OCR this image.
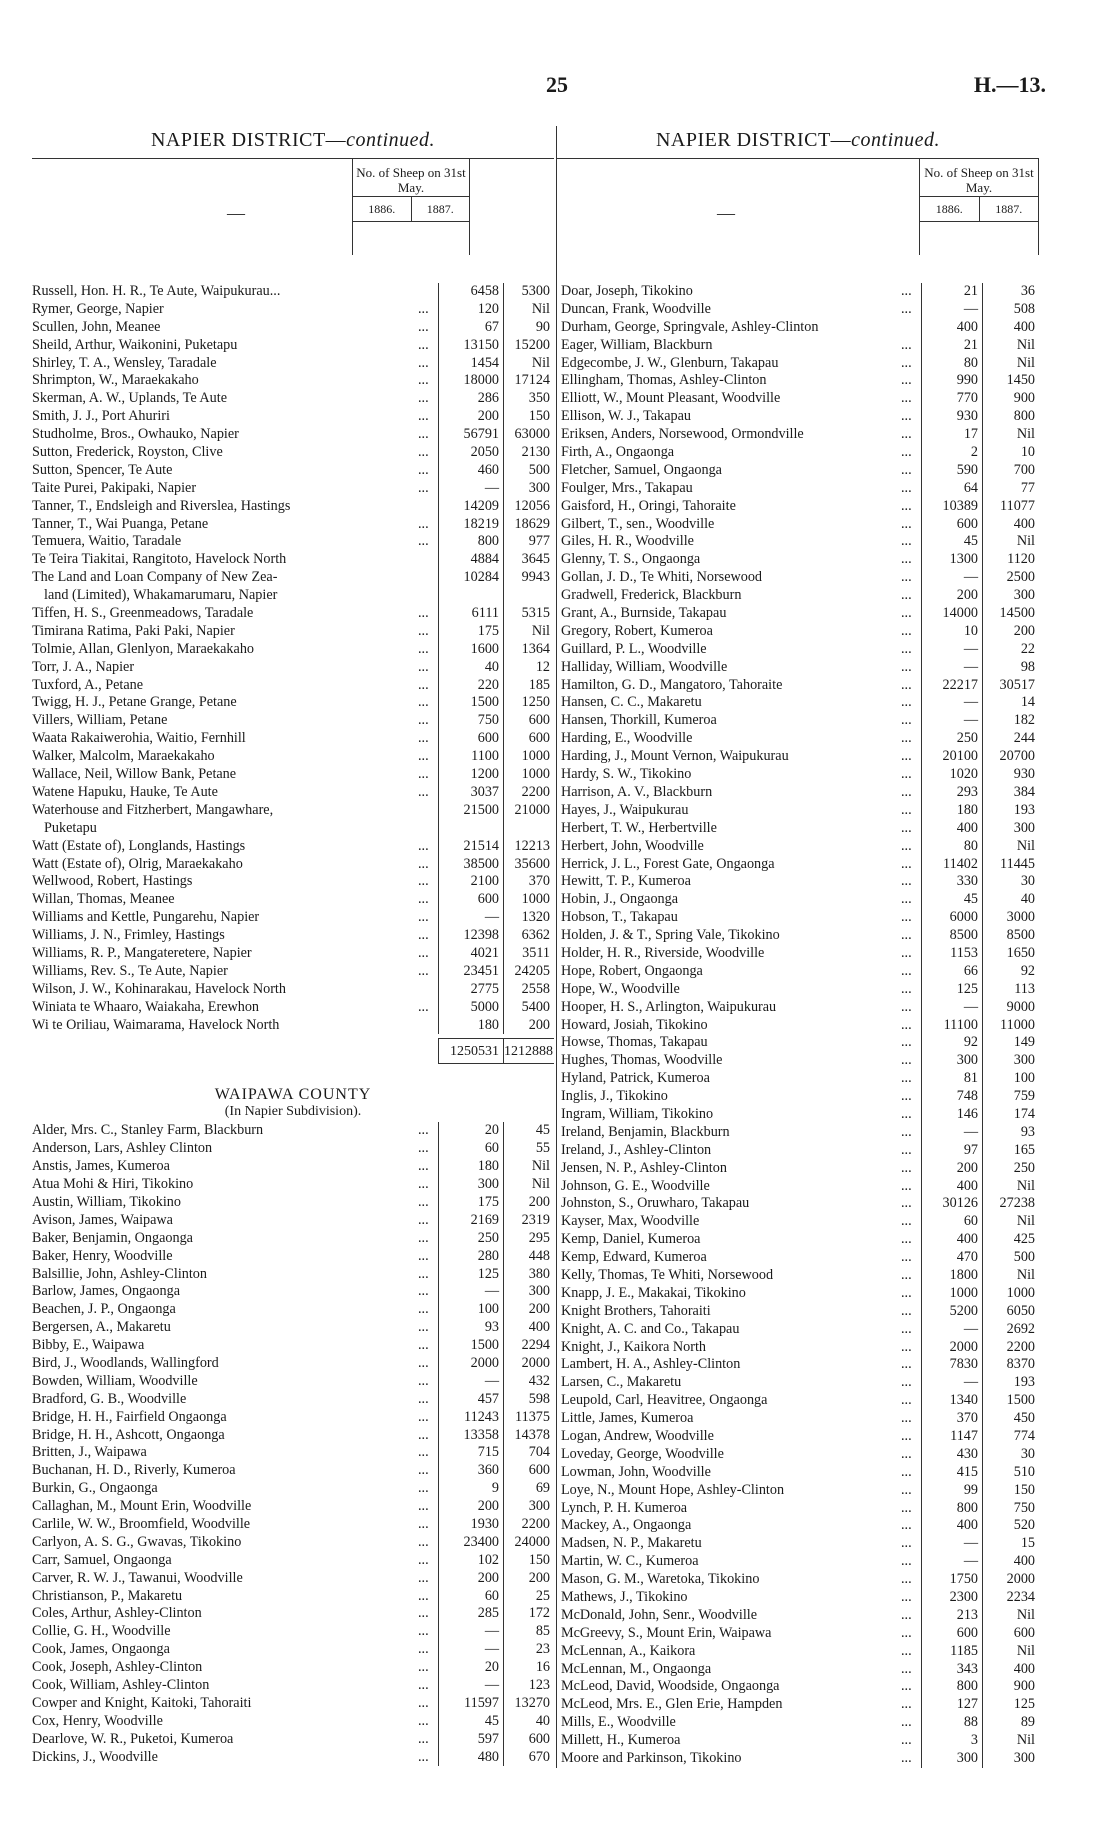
25	H.—13.
NAPIER DISTRICT—continued.
—
No. of Sheep on 31st May.
1886.	1887.
Russell, Hon. H. R., Te Aute, Waipukurau...	6458	5300
Rymer, George, Napier	...	120	Nil
Scullen, John, Meanee	...	67	90
Sheild, Arthur, Waikonini, Puketapu	...	13150	15200
Shirley, T. A., Wensley, Taradale	...	1454	Nil
Shrimpton, W., Maraekakaho	...	18000	17124
Skerman, A. W., Uplands, Te Aute	...	286	350
Smith, J. J., Port Ahuriri	...	200	150
Studholme, Bros., Owhauko, Napier	...	56791	63000
Sutton, Frederick, Royston, Clive	...	2050	2130
Sutton, Spencer, Te Aute	...	460	500
Taite Purei, Pakipaki, Napier	...	—	300
Tanner, T., Endsleigh and Riverslea, Hastings	14209	12056
Tanner, T., Wai Puanga, Petane	...	18219	18629
Temuera, Waitio, Taradale	...	800	977
Te Teira Tiakitai, Rangitoto, Havelock North	4884	3645
The Land and Loan Company of New Zea-	10284	9943
land (Limited), Whakamarumaru, Napier
Tiffen, H. S., Greenmeadows, Taradale	...	6111	5315
Timirana Ratima, Paki Paki, Napier	...	175	Nil
Tolmie, Allan, Glenlyon, Maraekakaho	...	1600	1364
Torr, J. A., Napier	...	40	12
Tuxford, A., Petane	...	220	185
Twigg, H. J., Petane Grange, Petane	...	1500	1250
Villers, William, Petane	...	750	600
Waata Rakaiwerohia, Waitio, Fernhill	...	600	600
Walker, Malcolm, Maraekakaho	...	1100	1000
Wallace, Neil, Willow Bank, Petane	...	1200	1000
Watene Hapuku, Hauke, Te Aute	...	3037	2200
Waterhouse and Fitzherbert, Mangawhare,	21500	21000
Puketapu
Watt (Estate of), Longlands, Hastings	...	21514	12213
Watt (Estate of), Olrig, Maraekakaho	...	38500	35600
Wellwood, Robert, Hastings	...	2100	370
Willan, Thomas, Meanee	...	600	1000
Williams and Kettle, Pungarehu, Napier	...	—	1320
Williams, J. N., Frimley, Hastings	...	12398	6362
Williams, R. P., Mangateretere, Napier	...	4021	3511
Williams, Rev. S., Te Aute, Napier	...	23451	24205
Wilson, J. W., Kohinarakau, Havelock North	2775	2558
Winiata te Whaaro, Waiakaha, Erewhon	...	5000	5400
Wi te Oriliau, Waimarama, Havelock North	180	200
1250531 1212888
WAIPAWA COUNTY
(In Napier Subdivision).
Alder, Mrs. C., Stanley Farm, Blackburn	...	20	45
Anderson, Lars, Ashley Clinton	...	60	55
Anstis, James, Kumeroa	...	180	Nil
Atua Mohi & Hiri, Tikokino	...	300	Nil
Austin, William, Tikokino	...	175	200
Avison, James, Waipawa	...	2169	2319
Baker, Benjamin, Ongaonga	...	250	295
Baker, Henry, Woodville	...	280	448
Balsillie, John, Ashley-Clinton	...	125	380
Barlow, James, Ongaonga	...	—	300
Beachen, J. P., Ongaonga	...	100	200
Bergersen, A., Makaretu	...	93	400
Bibby, E., Waipawa	...	1500	2294
Bird, J., Woodlands, Wallingford	...	2000	2000
Bowden, William, Woodville	...	—	432
Bradford, G. B., Woodville	...	457	598
Bridge, H. H., Fairfield Ongaonga	...	11243	11375
Bridge, H. H., Ashcott, Ongaonga	...	13358	14378
Britten, J., Waipawa	...	715	704
Buchanan, H. D., Riverly, Kumeroa	...	360	600
Burkin, G., Ongaonga	...	9	69
Callaghan, M., Mount Erin, Woodville	...	200	300
Carlile, W. W., Broomfield, Woodville	...	1930	2200
Carlyon, A. S. G., Gwavas, Tikokino	...	23400	24000
Carr, Samuel, Ongaonga	...	102	150
Carver, R. W. J., Tawanui, Woodville	...	200	200
Christianson, P., Makaretu	...	60	25
Coles, Arthur, Ashley-Clinton	...	285	172
Collie, G. H., Woodville	...	—	85
Cook, James, Ongaonga	...	—	23
Cook, Joseph, Ashley-Clinton	...	20	16
Cook, William, Ashley-Clinton	...	—	123
Cowper and Knight, Kaitoki, Tahoraiti	...	11597	13270
Cox, Henry, Woodville	...	45	40
Dearlove, W. R., Puketoi, Kumeroa	...	597	600
Dickins, J., Woodville	...	480	670
NAPIER DISTRICT—continued.
—
No. of Sheep on 31st May.
1886.	1887.
Doar, Joseph, Tikokino	...	21	36
Duncan, Frank, Woodville	...	—	508
Durham, George, Springvale, Ashley-Clinton	400	400
Eager, William, Blackburn	...	21	Nil
Edgecombe, J. W., Glenburn, Takapau	...	80	Nil
Ellingham, Thomas, Ashley-Clinton	...	990	1450
Elliott, W., Mount Pleasant, Woodville	...	770	900
Ellison, W. J., Takapau	...	930	800
Eriksen, Anders, Norsewood, Ormondville	...	17	Nil
Firth, A., Ongaonga	...	2	10
Fletcher, Samuel, Ongaonga	...	590	700
Foulger, Mrs., Takapau	...	64	77
Gaisford, H., Oringi, Tahoraite	...	10389	11077
Gilbert, T., sen., Woodville	...	600	400
Giles, H. R., Woodville	...	45	Nil
Glenny, T. S., Ongaonga	...	1300	1120
Gollan, J. D., Te Whiti, Norsewood	...	—	2500
Gradwell, Frederick, Blackburn	...	200	300
Grant, A., Burnside, Takapau	...	14000	14500
Gregory, Robert, Kumeroa	...	10	200
Guillard, P. L., Woodville	...	—	22
Halliday, William, Woodville	...	—	98
Hamilton, G. D., Mangatoro, Tahoraite	...	22217	30517
Hansen, C. C., Makaretu	...	—	14
Hansen, Thorkill, Kumeroa	...	—	182
Harding, E., Woodville	...	250	244
Harding, J., Mount Vernon, Waipukurau	...	20100	20700
Hardy, S. W., Tikokino	...	1020	930
Harrison, A. V., Blackburn	...	293	384
Hayes, J., Waipukurau	...	180	193
Herbert, T. W., Herbertville	...	400	300
Herbert, John, Woodville	...	80	Nil
Herrick, J. L., Forest Gate, Ongaonga	...	11402	11445
Hewitt, T. P., Kumeroa	...	330	30
Hobin, J., Ongaonga	...	45	40
Hobson, T., Takapau	...	6000	3000
Holden, J. & T., Spring Vale, Tikokino	...	8500	8500
Holder, H. R., Riverside, Woodville	...	1153	1650
Hope, Robert, Ongaonga	...	66	92
Hope, W., Woodville	...	125	113
Hooper, H. S., Arlington, Waipukurau	...	—	9000
Howard, Josiah, Tikokino	...	11100	11000
Howse, Thomas, Takapau	...	92	149
Hughes, Thomas, Woodville	...	300	300
Hyland, Patrick, Kumeroa	...	81	100
Inglis, J., Tikokino	...	748	759
Ingram, William, Tikokino	...	146	174
Ireland, Benjamin, Blackburn	...	—	93
Ireland, J., Ashley-Clinton	...	97	165
Jensen, N. P., Ashley-Clinton	...	200	250
Johnson, G. E., Woodville	...	400	Nil
Johnston, S., Oruwharo, Takapau	...	30126	27238
Kayser, Max, Woodville	...	60	Nil
Kemp, Daniel, Kumeroa	...	400	425
Kemp, Edward, Kumeroa	...	470	500
Kelly, Thomas, Te Whiti, Norsewood	...	1800	Nil
Knapp, J. E., Makakai, Tikokino	...	1000	1000
Knight Brothers, Tahoraiti	...	5200	6050
Knight, A. C. and Co., Takapau	...	—	2692
Knight, J., Kaikora North	...	2000	2200
Lambert, H. A., Ashley-Clinton	...	7830	8370
Larsen, C., Makaretu	...	—	193
Leupold, Carl, Heavitree, Ongaonga	...	1340	1500
Little, James, Kumeroa	...	370	450
Logan, Andrew, Woodville	...	1147	774
Loveday, George, Woodville	...	430	30
Lowman, John, Woodville	...	415	510
Loye, N., Mount Hope, Ashley-Clinton	...	99	150
Lynch, P. H. Kumeroa	...	800	750
Mackey, A., Ongaonga	...	400	520
Madsen, N. P., Makaretu	...	—	15
Martin, W. C., Kumeroa	...	—	400
Mason, G. M., Waretoka, Tikokino	...	1750	2000
Mathews, J., Tikokino	...	2300	2234
McDonald, John, Senr., Woodville	...	213	Nil
McGreevy, S., Mount Erin, Waipawa	...	600	600
McLennan, A., Kaikora	...	1185	Nil
McLennan, M., Ongaonga	...	343	400
McLeod, David, Woodside, Ongaonga	...	800	900
McLeod, Mrs. E., Glen Erie, Hampden	...	127	125
Mills, E., Woodville	...	88	89
Millett, H., Kumeroa	...	3	Nil
Moore and Parkinson, Tikokino	...	300	300
